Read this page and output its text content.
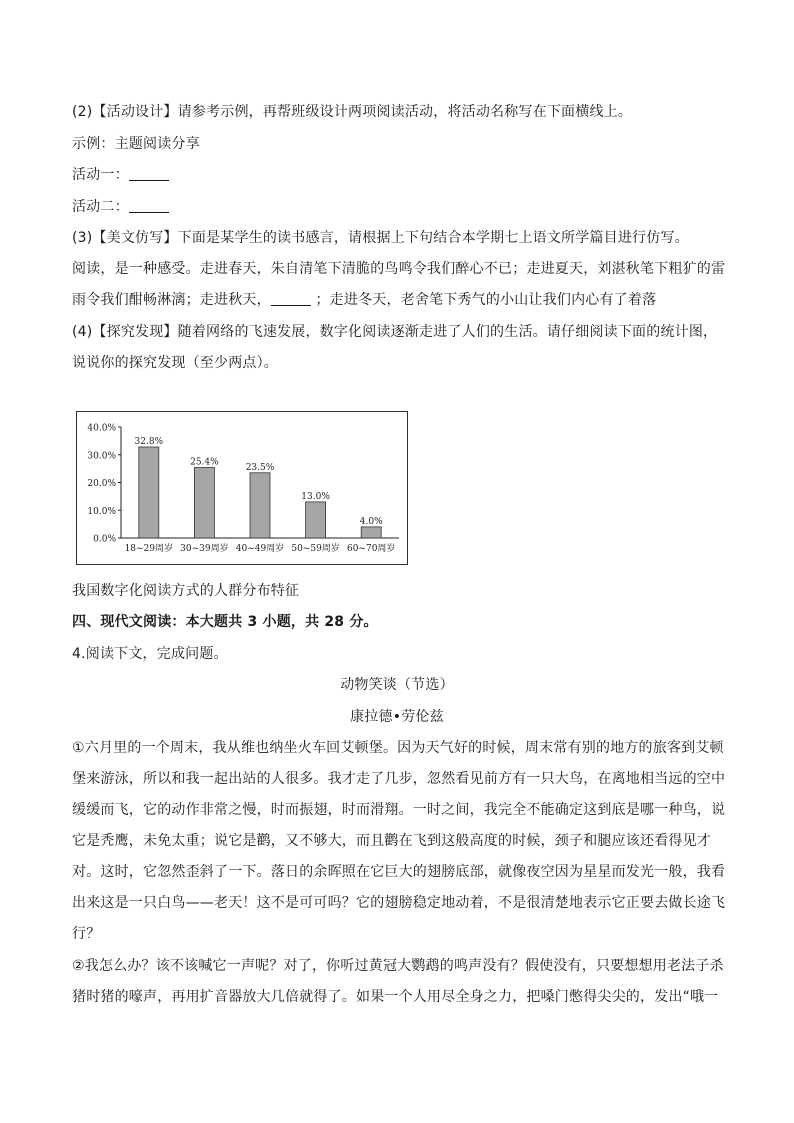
(2)【活动设计】请参考示例，再帮班级设计两项阅读活动，将活动名称写在下面横线上。
示例：主题阅读分享
活动一：
活动二：
(3)【美文仿写】下面是某学生的读书感言，请根据上下句结合本学期七上语文所学篇目进行仿写。
阅读，是一种感受。走进春天，朱自清笔下清脆的鸟鸣令我们醉心不已；走进夏天，刘湛秋笔下粗犷的雷
雨令我们酣畅淋漓；走进秋天，	；走进冬天，老舍笔下秀气的小山让我们内心有了着落
(4)【探究发现】随着网络的飞速发展，数字化阅读逐渐走进了人们的生活。请仔细阅读下面的统计图，
说说你的探究发现（至少两点）。
0.0%
10.0%
20.0%
30.0%
40.0%
32.8%
18~29周岁
25.4%
30~39周岁
23.5%
40~49周岁
13.0%
50~59周岁
4.0%
60~70周岁
我国数字化阅读方式的人群分布特征
四、现代文阅读：本大题共 3 小题，共 28 分。
4.阅读下文，完成问题。
动物笑谈（节选）
康拉德•劳伦兹
①六月里的一个周末，我从维也纳坐火车回艾顿堡。因为天气好的时候，周末常有别的地方的旅客到艾顿
堡来游泳，所以和我一起出站的人很多。我才走了几步，忽然看见前方有一只大鸟，在离地相当远的空中
缓缓而飞，它的动作非常之慢，时而振翅，时而滑翔。一时之间，我完全不能确定这到底是哪一种鸟，说
它是秃鹰，未免太重；说它是鹳，又不够大，而且鹳在飞到这般高度的时候，颈子和腿应该还看得见才
对。这时，它忽然歪斜了一下。落日的余晖照在它巨大的翅膀底部，就像夜空因为星星而发光一般，我看
出来这是一只白鸟——老天！这不是可可吗？它的翅膀稳定地动着，不是很清楚地表示它正要去做长途飞
行？
②我怎么办？该不该喊它一声呢？对了，你听过黄冠大鹦鹉的鸣声没有？假使没有，只要想想用老法子杀
猪时猪的嚎声，再用扩音器放大几倍就得了。如果一个人用尽全身之力，把嗓门憋得尖尖的，发出“哦一
